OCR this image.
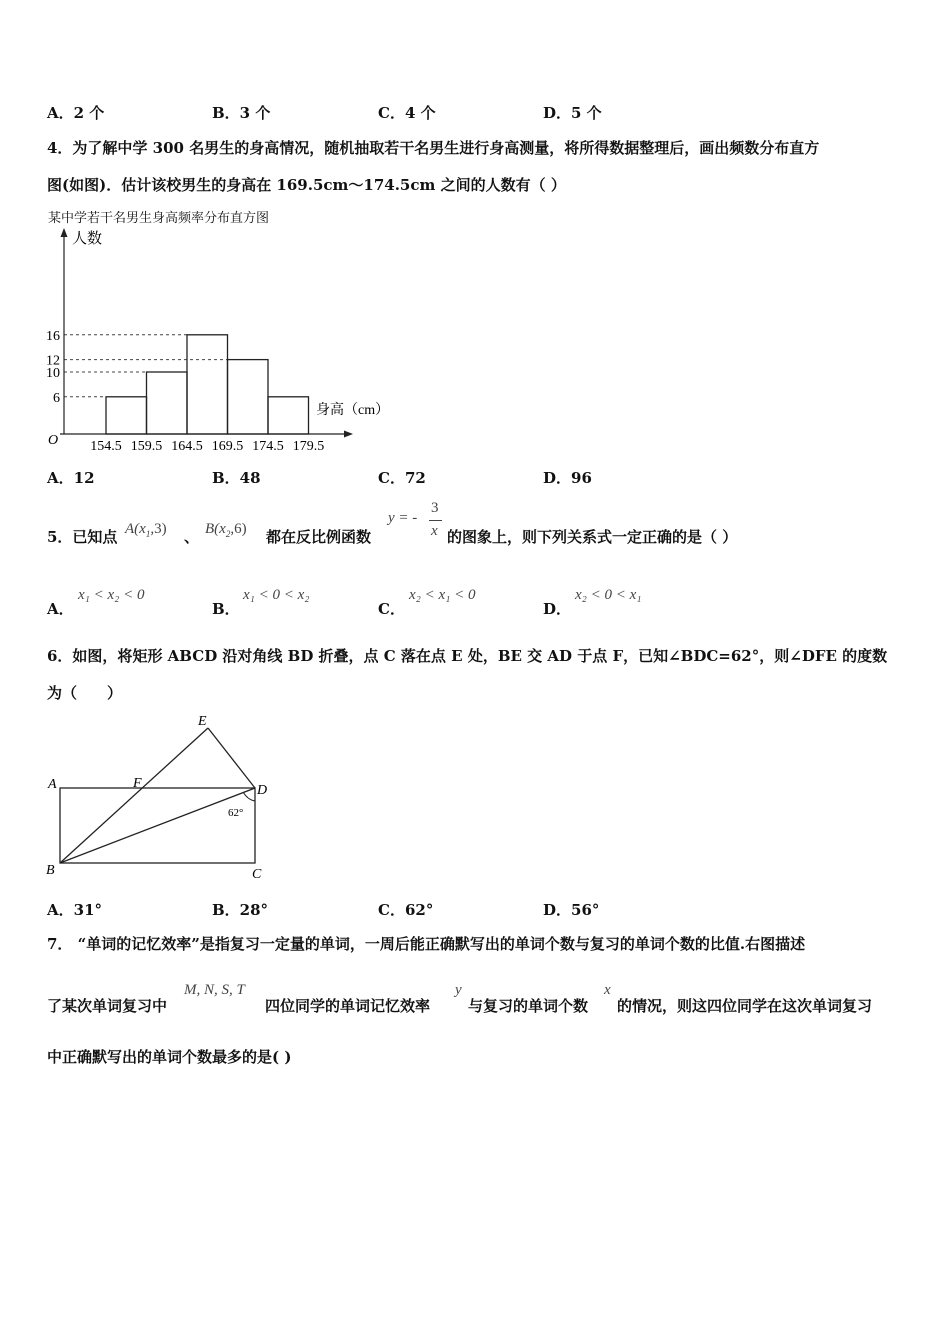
A．2 个	B．3 个	C．4 个	D．5 个
4．为了解中学 300 名男生的身高情况，随机抽取若干名男生进行身高测量，将所得数据整理后，画出频数分布直方
图(如图)．估计该校男生的身高在 169.5cm～174.5cm 之间的人数有（ ）
某中学若干名男生身高频率分布直方图
人数
身高（cm）
O
16
12
10
6
154.5 159.5 164.5 169.5 174.5 179.5
A．12	B．48	C．72	D．96
5．已知点 $A(x_1,3)$ 、 $B(x_2,6)$ 都在反比例函数
y = -
3
x 的图象上，则下列关系式一定正确的是（ ）
A．
x₁ < x₂ < 0
B．
x₁ < 0 < x₂
C．
x₂ < x₁ < 0
D．
x₂ < 0 < x₁
6．如图，将矩形 ABCD 沿对角线 BD 折叠，点 C 落在点 E 处，BE 交 AD 于点 F，已知∠BDC=62°，则∠DFE 的度数
为（　　）
A
B	C
D
E
F
62°
A．31°	B．28°	C．62°	D．56°
7． “单词的记忆效率”是指复习一定量的单词，一周后能正确默写出的单词个数与复习的单词个数的比值.右图描述
了某次单词复习中
M, N, S, T
四位同学的单词记忆效率
y
与复习的单词个数
x
的情况，则这四位同学在这次单词复习
中正确默写出的单词个数最多的是( )
